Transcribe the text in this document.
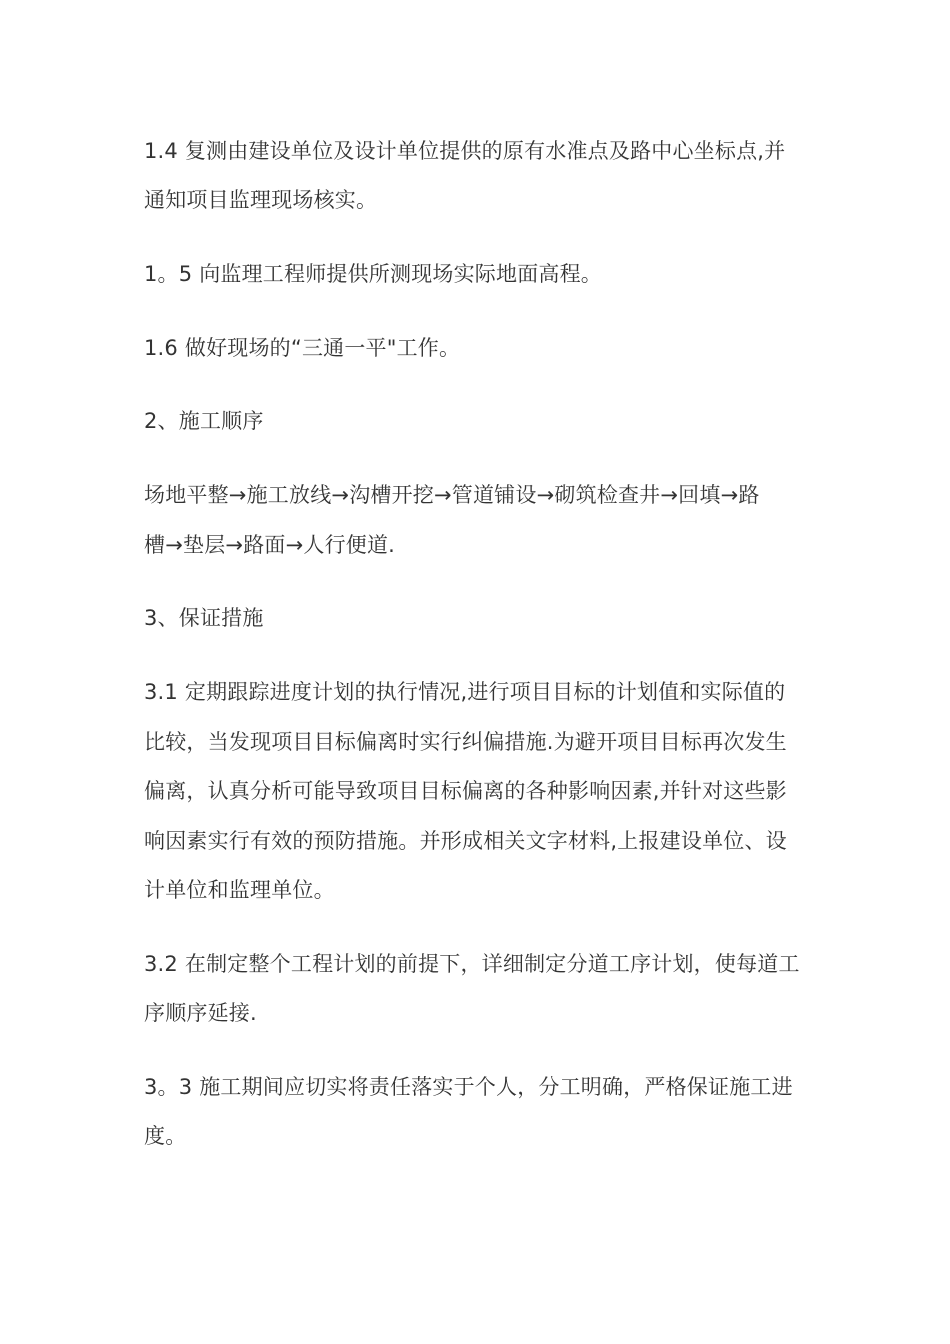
1.4 复测由建设单位及设计单位提供的原有水准点及路中心坐标点,并
通知项目监理现场核实。
1。5 向监理工程师提供所测现场实际地面高程。
1.6 做好现场的“三通一平"工作。
2、施工顺序
场地平整→施工放线→沟槽开挖→管道铺设→砌筑检查井→回填→路
槽→垫层→路面→人行便道.
3、保证措施
3.1 定期跟踪进度计划的执行情况,进行项目目标的计划值和实际值的
比较，当发现项目目标偏离时实行纠偏措施.为避开项目目标再次发生
偏离，认真分析可能导致项目目标偏离的各种影响因素,并针对这些影
响因素实行有效的预防措施。并形成相关文字材料,上报建设单位、设
计单位和监理单位。
3.2 在制定整个工程计划的前提下，详细制定分道工序计划，使每道工
序顺序延接.
3。3 施工期间应切实将责任落实于个人，分工明确，严格保证施工进
度。
